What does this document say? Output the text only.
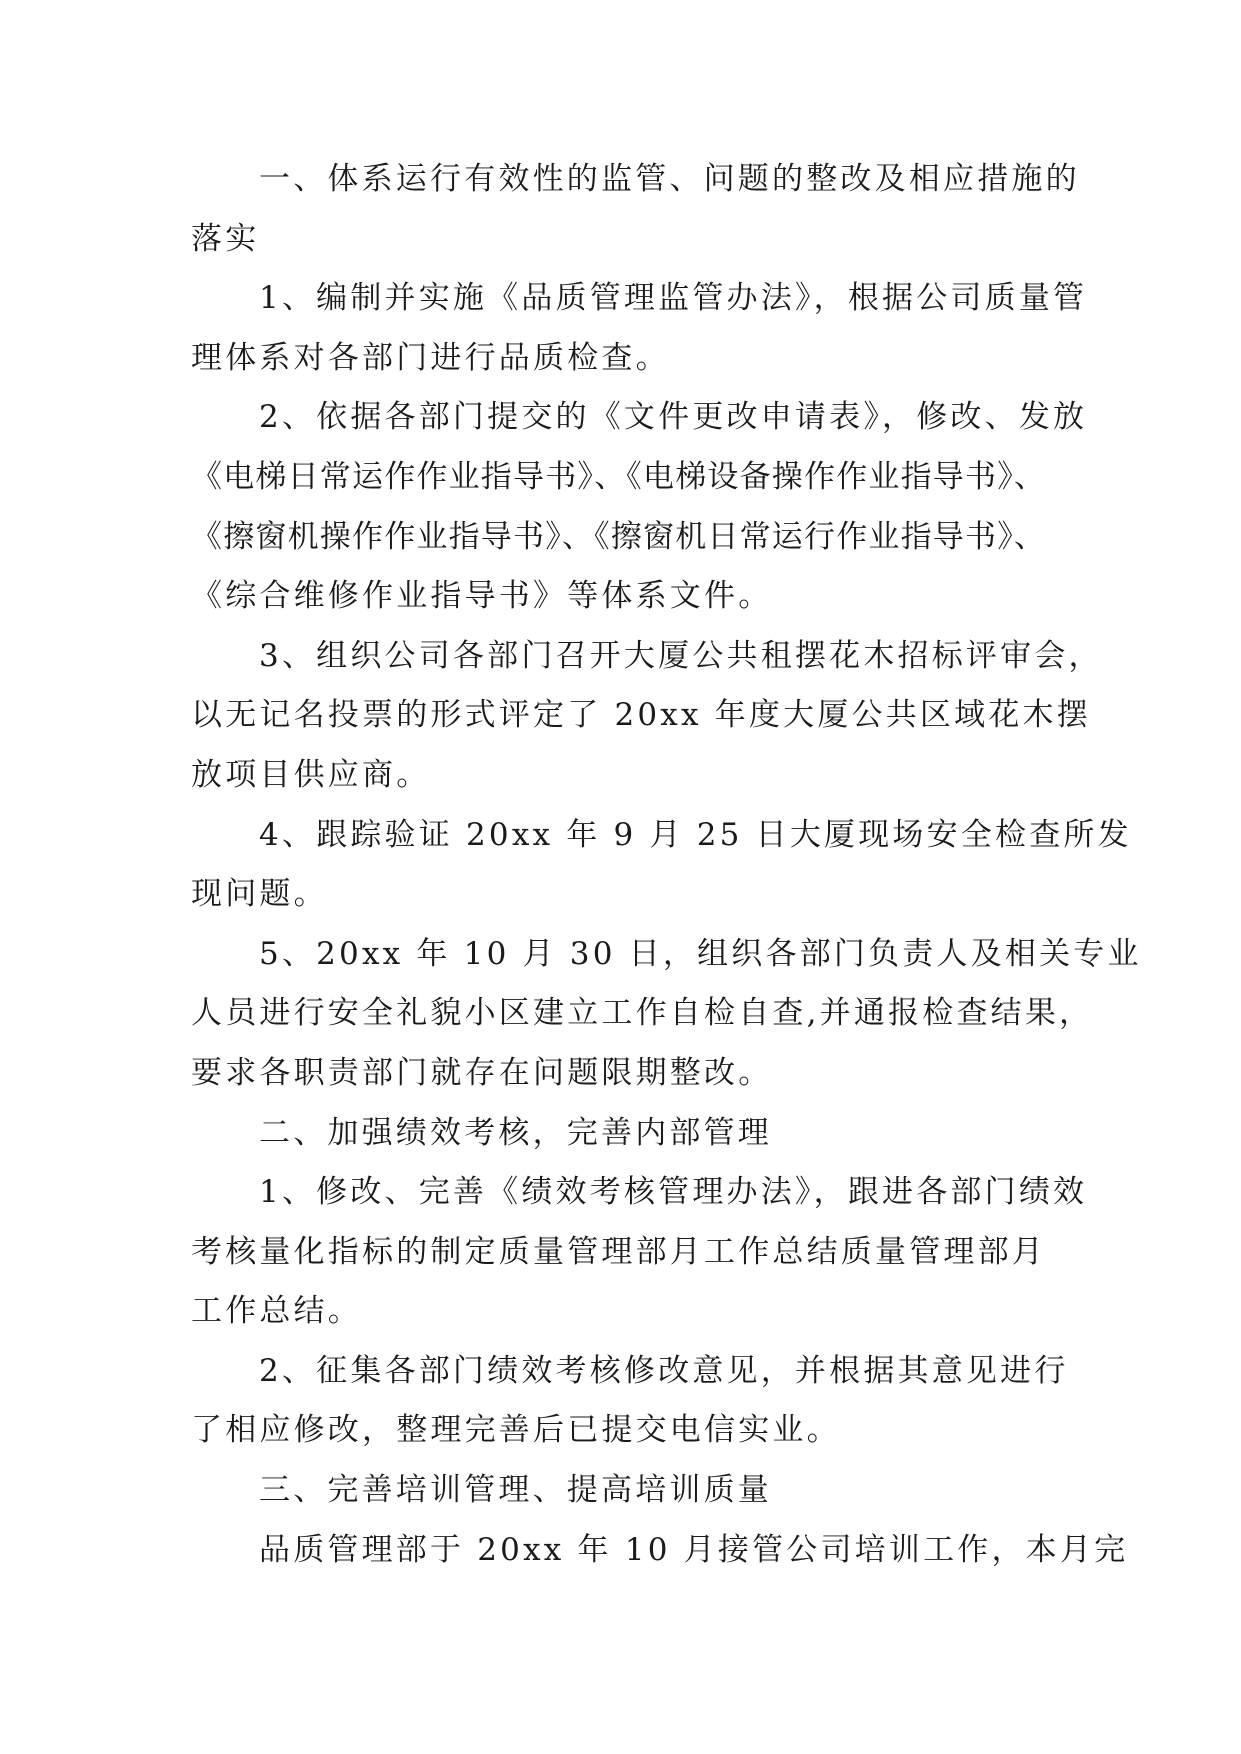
一、体系运行有效性的监管、问题的整改及相应措施的
落实

1、编制并实施《品质管理监管办法》，根据公司质量管
理体系对各部门进行品质检查。

2、依据各部门提交的《文件更改申请表》，修改、发放
《电梯日常运作作业指导书》、《电梯设备操作作业指导书》、
《擦窗机操作作业指导书》、《擦窗机日常运行作业指导书》、
《综合维修作业指导书》等体系文件。

3、组织公司各部门召开大厦公共租摆花木招标评审会，
以无记名投票的形式评定了 20xx 年度大厦公共区域花木摆
放项目供应商。

4、跟踪验证 20xx 年 9 月 25 日大厦现场安全检查所发
现问题。

5、20xx 年 10 月 30 日，组织各部门负责人及相关专业
人员进行安全礼貌小区建立工作自检自查,并通报检查结果，
要求各职责部门就存在问题限期整改。

二、加强绩效考核，完善内部管理

1、修改、完善《绩效考核管理办法》，跟进各部门绩效
考核量化指标的制定质量管理部月工作总结质量管理部月
工作总结。

2、征集各部门绩效考核修改意见，并根据其意见进行
了相应修改，整理完善后已提交电信实业。

三、完善培训管理、提高培训质量

品质管理部于 20xx 年 10 月接管公司培训工作，本月完
